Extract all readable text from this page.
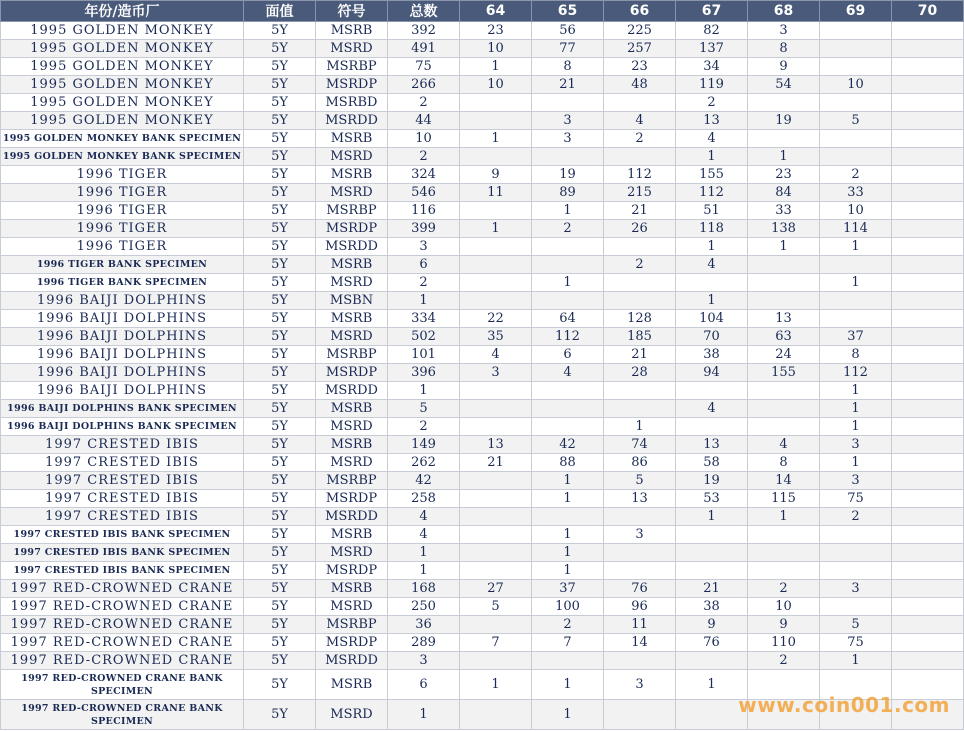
年份/造币厂	面值	符号	总数	64	65	66	67	68	69	70
1995 GOLDEN MONKEY	5Y	MSRB	392	23	56	225	82	3		
1995 GOLDEN MONKEY	5Y	MSRD	491	10	77	257	137	8		
1995 GOLDEN MONKEY	5Y	MSRBP	75	1	8	23	34	9		
1995 GOLDEN MONKEY	5Y	MSRDP	266	10	21	48	119	54	10	
1995 GOLDEN MONKEY	5Y	MSRBD	2				2			
1995 GOLDEN MONKEY	5Y	MSRDD	44		3	4	13	19	5	
1995 GOLDEN MONKEY BANK SPECIMEN	5Y	MSRB	10	1	3	2	4			
1995 GOLDEN MONKEY BANK SPECIMEN	5Y	MSRD	2				1	1		
1996 TIGER	5Y	MSRB	324	9	19	112	155	23	2	
1996 TIGER	5Y	MSRD	546	11	89	215	112	84	33	
1996 TIGER	5Y	MSRBP	116		1	21	51	33	10	
1996 TIGER	5Y	MSRDP	399	1	2	26	118	138	114	
1996 TIGER	5Y	MSRDD	3				1	1	1	
1996 TIGER BANK SPECIMEN	5Y	MSRB	6			2	4			
1996 TIGER BANK SPECIMEN	5Y	MSRD	2		1				1	
1996 BAIJI DOLPHINS	5Y	MSBN	1				1			
1996 BAIJI DOLPHINS	5Y	MSRB	334	22	64	128	104	13		
1996 BAIJI DOLPHINS	5Y	MSRD	502	35	112	185	70	63	37	
1996 BAIJI DOLPHINS	5Y	MSRBP	101	4	6	21	38	24	8	
1996 BAIJI DOLPHINS	5Y	MSRDP	396	3	4	28	94	155	112	
1996 BAIJI DOLPHINS	5Y	MSRDD	1						1	
1996 BAIJI DOLPHINS BANK SPECIMEN	5Y	MSRB	5				4		1	
1996 BAIJI DOLPHINS BANK SPECIMEN	5Y	MSRD	2			1			1	
1997 CRESTED IBIS	5Y	MSRB	149	13	42	74	13	4	3	
1997 CRESTED IBIS	5Y	MSRD	262	21	88	86	58	8	1	
1997 CRESTED IBIS	5Y	MSRBP	42		1	5	19	14	3	
1997 CRESTED IBIS	5Y	MSRDP	258		1	13	53	115	75	
1997 CRESTED IBIS	5Y	MSRDD	4				1	1	2	
1997 CRESTED IBIS BANK SPECIMEN	5Y	MSRB	4		1	3				
1997 CRESTED IBIS BANK SPECIMEN	5Y	MSRD	1		1					
1997 CRESTED IBIS BANK SPECIMEN	5Y	MSRDP	1		1					
1997 RED-CROWNED CRANE	5Y	MSRB	168	27	37	76	21	2	3	
1997 RED-CROWNED CRANE	5Y	MSRD	250	5	100	96	38	10		
1997 RED-CROWNED CRANE	5Y	MSRBP	36		2	11	9	9	5	
1997 RED-CROWNED CRANE	5Y	MSRDP	289	7	7	14	76	110	75	
1997 RED-CROWNED CRANE	5Y	MSRDD	3					2	1	
1997 RED-CROWNED CRANE BANK SPECIMEN	5Y	MSRB	6	1	1	3	1			
1997 RED-CROWNED CRANE BANK SPECIMEN	5Y	MSRD	1		1						www.coin001.com
